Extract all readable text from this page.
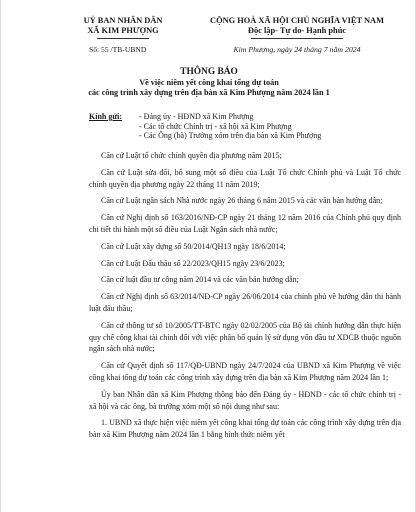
UỶ BAN NHÂN DÂN
XÃ KIM PHƯỢNG
CỘNG HOÀ XÃ HỘI CHỦ NGHĨA VIỆT NAM
Độc lập- Tự do- Hạnh phúc
Số: 55 /TB-UBND	Kim Phượng, ngày 24 tháng 7 năm 2024
THÔNG BÁO
Về việc niêm yết công khai tổng dự toán
các công trình xây dựng trên địa bàn xã Kim Phượng năm 2024 lần 1
Kính gửi: - Đảng ủy - HĐND xã Kim Phượng
- Các tổ chức Chính trị - xã hội xã Kim Phượng
- Các Ông (bà) Trưởng xóm trên địa bàn xã Kim Phượng

Căn cứ Luật tổ chức chính quyền địa phương năm 2015;

Căn cứ Luật sửa đổi, bổ sung một số điều của Luật Tổ chức Chính phủ và Luật Tổ chức chính quyền địa phương ngày 22 tháng 11 năm 2019;

Căn cứ Luật ngân sách Nhà nước ngày 26 tháng 6 năm 2015 và các văn bản hướng dẫn;

Căn cứ Nghị định số 163/2016/NĐ-CP ngày 21 tháng 12 năm 2016 của Chính phủ quy định chi tiết thi hành một số điều của Luật Ngân sách nhà nước;

Căn cứ Luật xây dựng số 50/2014/QH13 ngày 18/6/2014;

Căn cứ Luật Đấu thầu số 22/2023/QH15 ngày 23/6/2023;

Căn cứ luật đầu tư công năm 2014 và các văn bản hướng dẫn;

Căn cứ Nghị định số 63/2014/NĐ-CP ngày 26/06/2014 của chính phủ về hướng dẫn thi hành luật đấu thầu;

Căn cứ thông tư số 10/2005/TT-BTC ngày 02/02/2005 của Bộ tài chính hướng dẫn thực hiện quy chế công khai tài chính đối với việc phân bổ quản lý sử dụng vốn đầu tư XDCB thuộc nguồn ngân sách nhà nước;

Căn cứ Quyết định số 117/QĐ-UBND ngày 24/7/2024 của UBND xã Kim Phượng về việc công khai tổng dự toán các công trình xây dựng trên địa bàn xã Kim Phượng năm 2024 lần 1;

Ủy ban Nhân dân xã Kim Phượng thông báo đến Đảng ủy - HĐND - các tổ chức chính trị - xã hội và các ông, bà trưởng xóm một số nội dung như sau:

1. UBND xã thực hiện việc niêm yết công khai tổng dự toán các công trình xây dựng trên địa bàn xã Kim Phượng năm 2024 lần 1 bằng hình thức niêm yết
